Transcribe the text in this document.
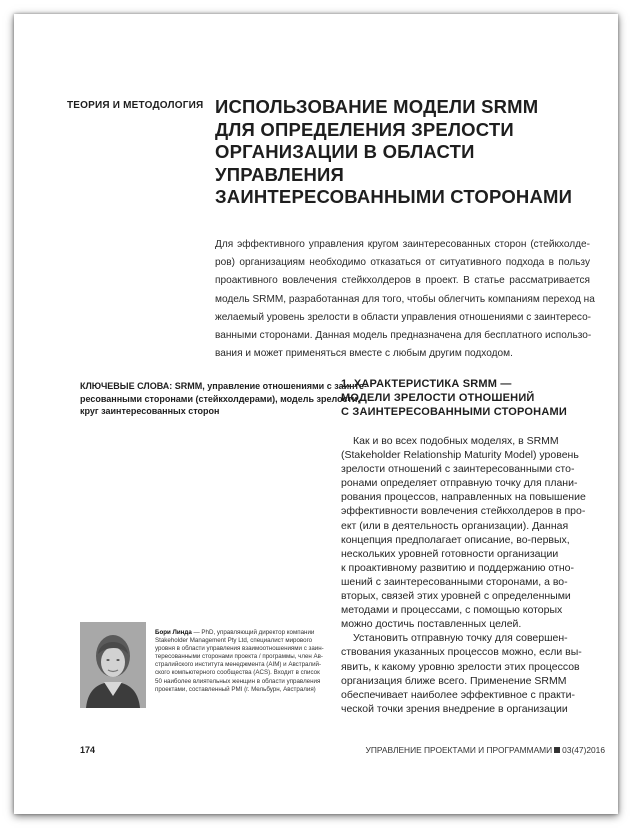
ТЕОРИЯ И МЕТОДОЛОГИЯ ИСПОЛЬЗОВАНИЕ МОДЕЛИ SRMM
ДЛЯ ОПРЕДЕЛЕНИЯ ЗРЕЛОСТИ
ОРГАНИЗАЦИИ В ОБЛАСТИ УПРАВЛЕНИЯ
ЗАИНТЕРЕСОВАННЫМИ СТОРОНАМИ
Для эффективного управления кругом заинтересованных сторон (стейкхолде-
ров) организациям необходимо отказаться от ситуативного подхода в пользу
проактивного вовлечения стейкхолдеров в проект. В статье рассматривается
модель SRMM, разработанная для того, чтобы облегчить компаниям переход на
желаемый уровень зрелости в области управления отношениями с заинтересо-
ванными сторонами. Данная модель предназначена для бесплатного использо-
вания и может применяться вместе с любым другим подходом.
КЛЮЧЕВЫЕ СЛОВА: SRMM, управление отношениями с заинте-
ресованными сторонами (стейкхолдерами), модель зрелости,
круг заинтересованных сторон
1. ХАРАКТЕРИСТИКА SRMM —
МОДЕЛИ ЗРЕЛОСТИ ОТНОШЕНИЙ
С ЗАИНТЕРЕСОВАННЫМИ СТОРОНАМИ
Как и во всех подобных моделях, в SRMM
(Stakeholder Relationship Maturity Model) уровень
зрелости отношений с заинтересованными сто-
ронами определяет отправную точку для плани-
рования процессов, направленных на повышение
эффективности вовлечения стейкхолдеров в про-
ект (или в деятельность организации). Данная
концепция предполагает описание, во-первых,
нескольких уровней готовности организации
к проактивному развитию и поддержанию отно-
шений с заинтересованными сторонами, а во-
вторых, связей этих уровней с определенными
методами и процессами, с помощью которых
можно достичь поставленных целей.
Установить отправную точку для совершен-
ствования указанных процессов можно, если вы-
явить, к какому уровню зрелости этих процессов
организация ближе всего. Применение SRMM
обеспечивает наиболее эффективное с практи-
ческой точки зрения внедрение в организации
Бори Линда — PhD, управляющий директор компании
Stakeholder Management Pty Ltd, специалист мирового
уровня в области управления взаимоотношениями с заин-
тересованными сторонами проекта / программы, член Ав-
стралийского института менеджмента (AIM) и Австралий-
ского компьютерного сообщества (ACS). Входит в список
50 наиболее влиятельных женщин в области управления
проектами, составленный PMI (г. Мельбурн, Австралия)
174	УПРАВЛЕНИЕ ПРОЕКТАМИ И ПРОГРАММАМИ 03(47)2016
